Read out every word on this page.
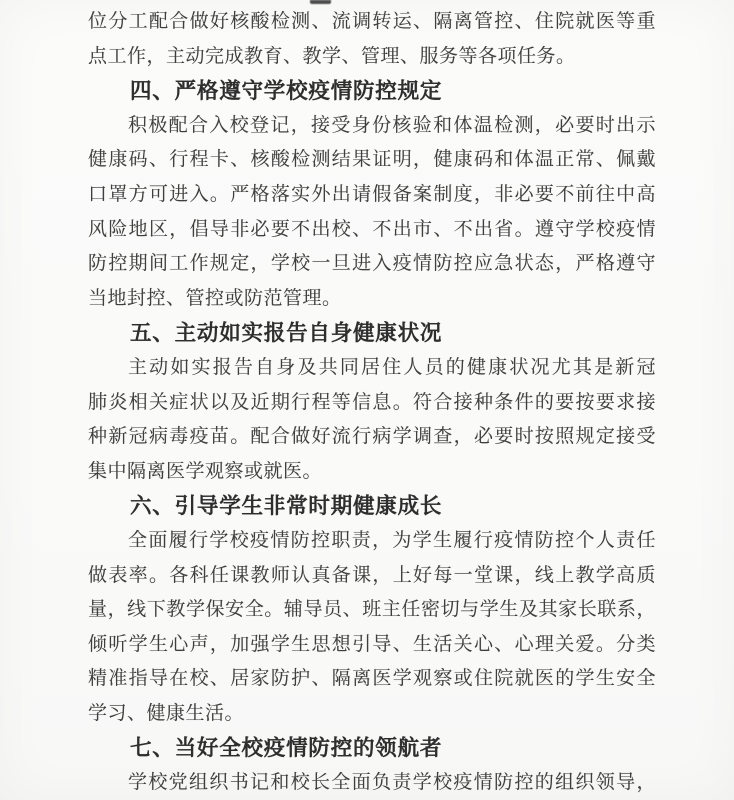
位分工配合做好核酸检测、流调转运、隔离管控、住院就医等重
点工作，主动完成教育、教学、管理、服务等各项任务。
四、严格遵守学校疫情防控规定
积极配合入校登记，接受身份核验和体温检测，必要时出示
健康码、行程卡、核酸检测结果证明，健康码和体温正常、佩戴
口罩方可进入。严格落实外出请假备案制度，非必要不前往中高
风险地区，倡导非必要不出校、不出市、不出省。遵守学校疫情
防控期间工作规定，学校一旦进入疫情防控应急状态，严格遵守
当地封控、管控或防范管理。
五、主动如实报告自身健康状况
主动如实报告自身及共同居住人员的健康状况尤其是新冠
肺炎相关症状以及近期行程等信息。符合接种条件的要按要求接
种新冠病毒疫苗。配合做好流行病学调查，必要时按照规定接受
集中隔离医学观察或就医。
六、引导学生非常时期健康成长
全面履行学校疫情防控职责，为学生履行疫情防控个人责任
做表率。各科任课教师认真备课，上好每一堂课，线上教学高质
量，线下教学保安全。辅导员、班主任密切与学生及其家长联系，
倾听学生心声，加强学生思想引导、生活关心、心理关爱。分类
精准指导在校、居家防护、隔离医学观察或住院就医的学生安全
学习、健康生活。
七、当好全校疫情防控的领航者
学校党组织书记和校长全面负责学校疫情防控的组织领导，
